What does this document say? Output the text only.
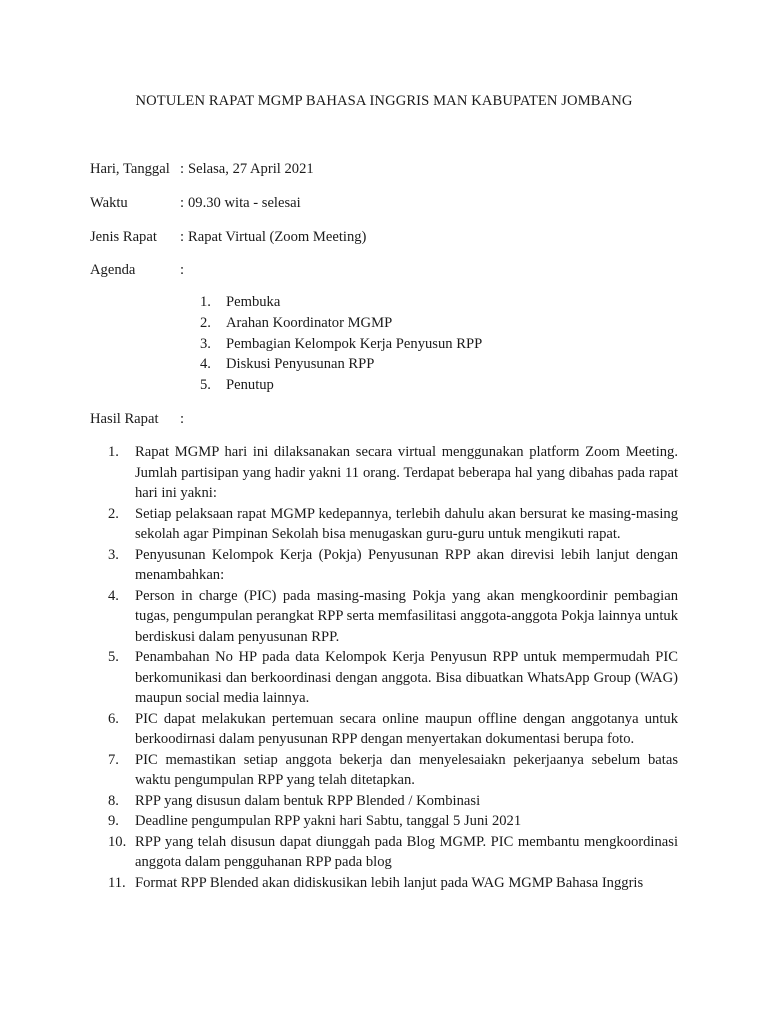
NOTULEN RAPAT MGMP BAHASA INGGRIS MAN KABUPATEN JOMBANG
Hari, Tanggal : Selasa, 27 April 2021
Waktu	: 09.30 wita - selesai
Jenis Rapat : Rapat Virtual (Zoom Meeting)
Agenda	:
1. Pembuka
2. Arahan Koordinator MGMP
3. Pembagian Kelompok Kerja Penyusun RPP
4. Diskusi Penyusunan RPP
5. Penutup
Hasil Rapat :
1. Rapat MGMP hari ini dilaksanakan secara virtual menggunakan platform Zoom Meeting. Jumlah partisipan yang hadir yakni 11 orang. Terdapat beberapa hal yang dibahas pada rapat hari ini yakni:
2. Setiap pelaksaan rapat MGMP kedepannya, terlebih dahulu akan bersurat ke masing-masing sekolah agar Pimpinan Sekolah bisa menugaskan guru-guru untuk mengikuti rapat.
3. Penyusunan Kelompok Kerja (Pokja) Penyusunan RPP akan direvisi lebih lanjut dengan menambahkan:
4. Person in charge (PIC) pada masing-masing Pokja yang akan mengkoordinir pembagian tugas, pengumpulan perangkat RPP serta memfasilitasi anggota-anggota Pokja lainnya untuk berdiskusi dalam penyusunan RPP.
5. Penambahan No HP pada data Kelompok Kerja Penyusun RPP untuk mempermudah PIC berkomunikasi dan berkoordinasi dengan anggota. Bisa dibuatkan WhatsApp Group (WAG) maupun social media lainnya.
6. PIC dapat melakukan pertemuan secara online maupun offline dengan anggotanya untuk berkoodirnasi dalam penyusunan RPP dengan menyertakan dokumentasi berupa foto.
7. PIC memastikan setiap anggota bekerja dan menyelesaiakn pekerjaanya sebelum batas waktu pengumpulan RPP yang telah ditetapkan.
8. RPP yang disusun dalam bentuk RPP Blended / Kombinasi
9. Deadline pengumpulan RPP yakni hari Sabtu, tanggal 5 Juni 2021
10. RPP yang telah disusun dapat diunggah pada Blog MGMP. PIC membantu mengkoordinasi anggota dalam pengguhanan RPP pada blog
11. Format RPP Blended akan didiskusikan lebih lanjut pada WAG MGMP Bahasa Inggris
